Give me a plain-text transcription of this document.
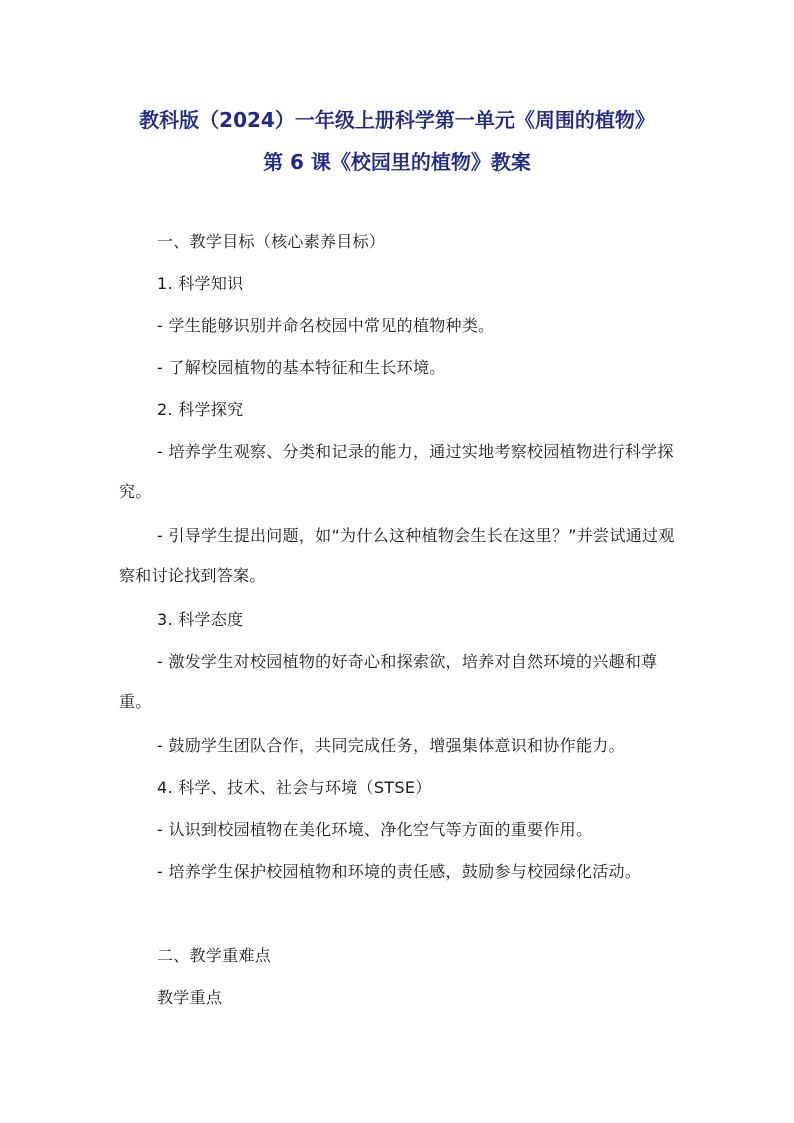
教科版（2024）一年级上册科学第一单元《周围的植物》
第 6 课《校园里的植物》教案

一、教学目标（核心素养目标）

1. 科学知识

- 学生能够识别并命名校园中常见的植物种类。

- 了解校园植物的基本特征和生长环境。

2. 科学探究

- 培养学生观察、分类和记录的能力，通过实地考察校园植物进行科学探究。

- 引导学生提出问题，如“为什么这种植物会生长在这里？”并尝试通过观察和讨论找到答案。

3. 科学态度

- 激发学生对校园植物的好奇心和探索欲，培养对自然环境的兴趣和尊重。

- 鼓励学生团队合作，共同完成任务，增强集体意识和协作能力。

4. 科学、技术、社会与环境（STSE）

- 认识到校园植物在美化环境、净化空气等方面的重要作用。

- 培养学生保护校园植物和环境的责任感，鼓励参与校园绿化活动。

二、教学重难点

教学重点
